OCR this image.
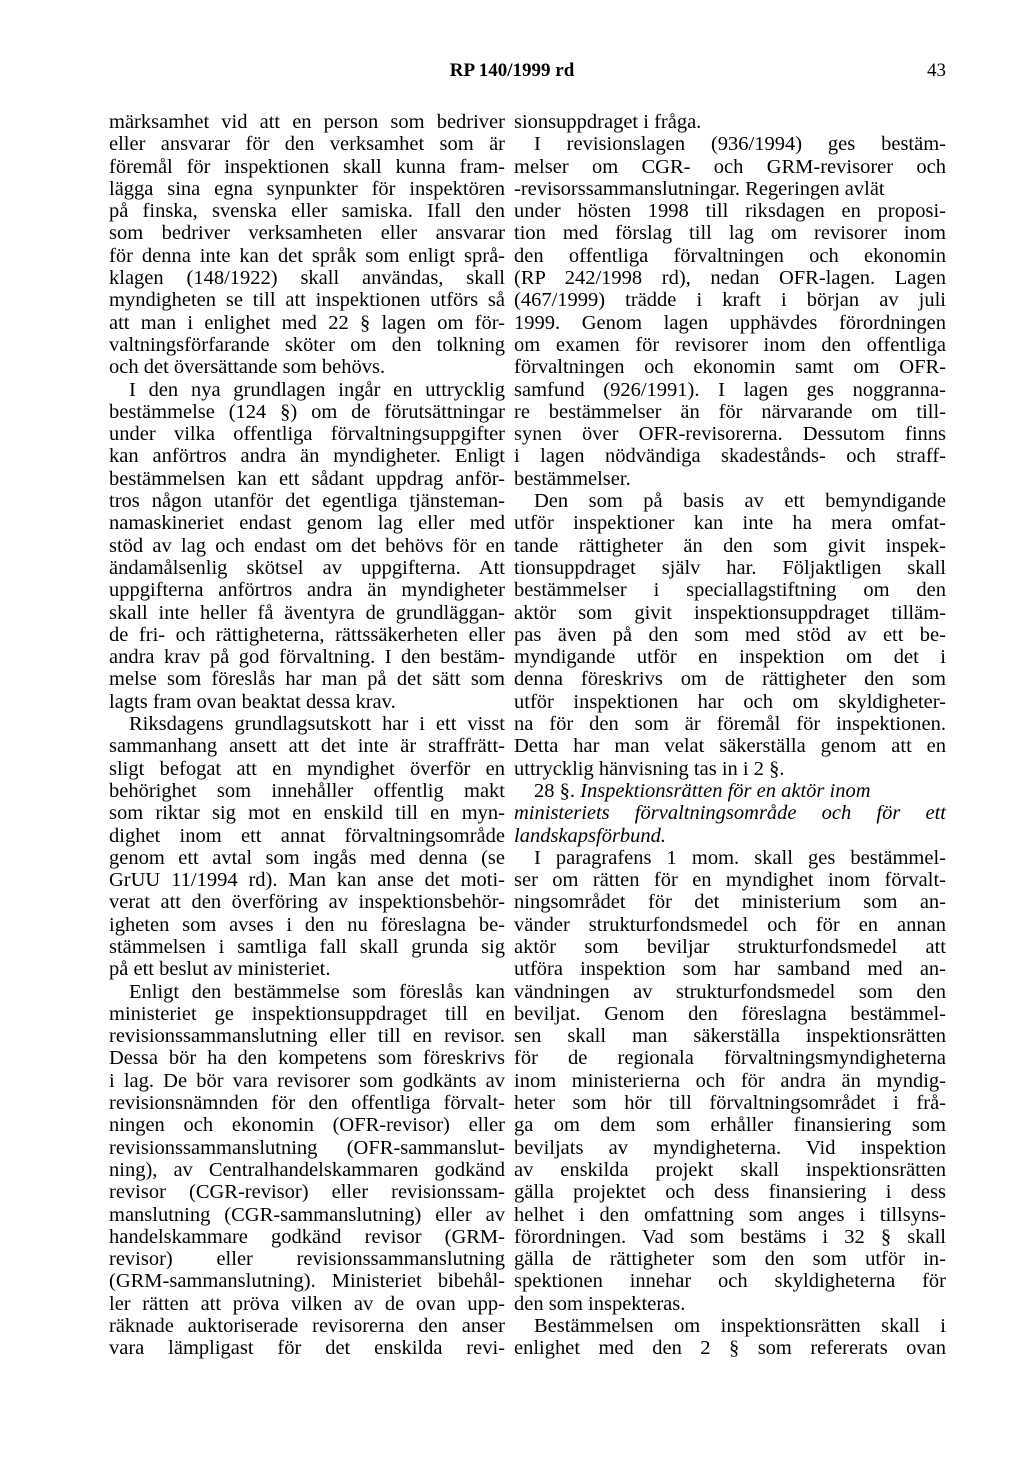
RP 140/1999 rd	43
märksamhet vid att en person som bedriver
eller ansvarar för den verksamhet som är
föremål för inspektionen skall kunna fram-
lägga sina egna synpunkter för inspektören
på finska, svenska eller samiska. Ifall den
som bedriver verksamheten eller ansvarar
för denna inte kan det språk som enligt språ-
klagen (148/1922) skall användas, skall
myndigheten se till att inspektionen utförs så
att man i enlighet med 22 § lagen om för-
valtningsförfarande sköter om den tolkning
och det översättande som behövs.
I den nya grundlagen ingår en uttrycklig
bestämmelse (124 §) om de förutsättningar
under vilka offentliga förvaltningsuppgifter
kan anförtros andra än myndigheter. Enligt
bestämmelsen kan ett sådant uppdrag anför-
tros någon utanför det egentliga tjänsteman-
namaskineriet endast genom lag eller med
stöd av lag och endast om det behövs för en
ändamålsenlig skötsel av uppgifterna. Att
uppgifterna anförtros andra än myndigheter
skall inte heller få äventyra de grundläggan-
de fri- och rättigheterna, rättssäkerheten eller
andra krav på god förvaltning. I den bestäm-
melse som föreslås har man på det sätt som
lagts fram ovan beaktat dessa krav.
Riksdagens grundlagsutskott har i ett visst
sammanhang ansett att det inte är straffrätt-
sligt befogat att en myndighet överför en
behörighet som innehåller offentlig makt
som riktar sig mot en enskild till en myn-
dighet inom ett annat förvaltningsområde
genom ett avtal som ingås med denna (se
GrUU 11/1994 rd). Man kan anse det moti-
verat att den överföring av inspektionsbehör-
igheten som avses i den nu föreslagna be-
stämmelsen i samtliga fall skall grunda sig
på ett beslut av ministeriet.
Enligt den bestämmelse som föreslås kan
ministeriet ge inspektionsuppdraget till en
revisionssammanslutning eller till en revisor.
Dessa bör ha den kompetens som föreskrivs
i lag. De bör vara revisorer som godkänts av
revisionsnämnden för den offentliga förvalt-
ningen och ekonomin (OFR-revisor) eller
revisionssammanslutning (OFR-sammanslut-
ning), av Centralhandelskammaren godkänd
revisor (CGR-revisor) eller revisionssam-
manslutning (CGR-sammanslutning) eller av
handelskammare godkänd revisor (GRM-
revisor) eller revisionssammanslutning
(GRM-sammanslutning). Ministeriet bibehål-
ler rätten att pröva vilken av de ovan upp-
räknade auktoriserade revisorerna den anser
vara lämpligast för det enskilda revi-
sionsuppdraget i fråga.
I revisionslagen (936/1994) ges bestäm-
melser om CGR- och GRM-revisorer och
-revisorssammanslutningar. Regeringen avlät
under hösten 1998 till riksdagen en proposi-
tion med förslag till lag om revisorer inom
den offentliga förvaltningen och ekonomin
(RP 242/1998 rd), nedan OFR-lagen. Lagen
(467/1999) trädde i kraft i början av juli
1999. Genom lagen upphävdes förordningen
om examen för revisorer inom den offentliga
förvaltningen och ekonomin samt om OFR-
samfund (926/1991). I lagen ges noggranna-
re bestämmelser än för närvarande om till-
synen över OFR-revisorerna. Dessutom finns
i lagen nödvändiga skadestånds- och straff-
bestämmelser.
Den som på basis av ett bemyndigande
utför inspektioner kan inte ha mera omfat-
tande rättigheter än den som givit inspek-
tionsuppdraget själv har. Följaktligen skall
bestämmelser i speciallagstiftning om den
aktör som givit inspektionsuppdraget tilläm-
pas även på den som med stöd av ett be-
myndigande utför en inspektion om det i
denna föreskrivs om de rättigheter den som
utför inspektionen har och om skyldigheter-
na för den som är föremål för inspektionen.
Detta har man velat säkerställa genom att en
uttrycklig hänvisning tas in i 2 §.
28 §. Inspektionsrätten för en aktör inom
ministeriets förvaltningsområde och för ett
landskapsförbund.
I paragrafens 1 mom. skall ges bestämmel-
ser om rätten för en myndighet inom förvalt-
ningsområdet för det ministerium som an-
vänder strukturfondsmedel och för en annan
aktör som beviljar strukturfondsmedel att
utföra inspektion som har samband med an-
vändningen av strukturfondsmedel som den
beviljat. Genom den föreslagna bestämmel-
sen skall man säkerställa inspektionsrätten
för de regionala förvaltningsmyndigheterna
inom ministerierna och för andra än myndig-
heter som hör till förvaltningsområdet i frå-
ga om dem som erhåller finansiering som
beviljats av myndigheterna. Vid inspektion
av enskilda projekt skall inspektionsrätten
gälla projektet och dess finansiering i dess
helhet i den omfattning som anges i tillsyns-
förordningen. Vad som bestäms i 32 § skall
gälla de rättigheter som den som utför in-
spektionen innehar och skyldigheterna för
den som inspekteras.
Bestämmelsen om inspektionsrätten skall i
enlighet med den 2 § som refererats ovan
